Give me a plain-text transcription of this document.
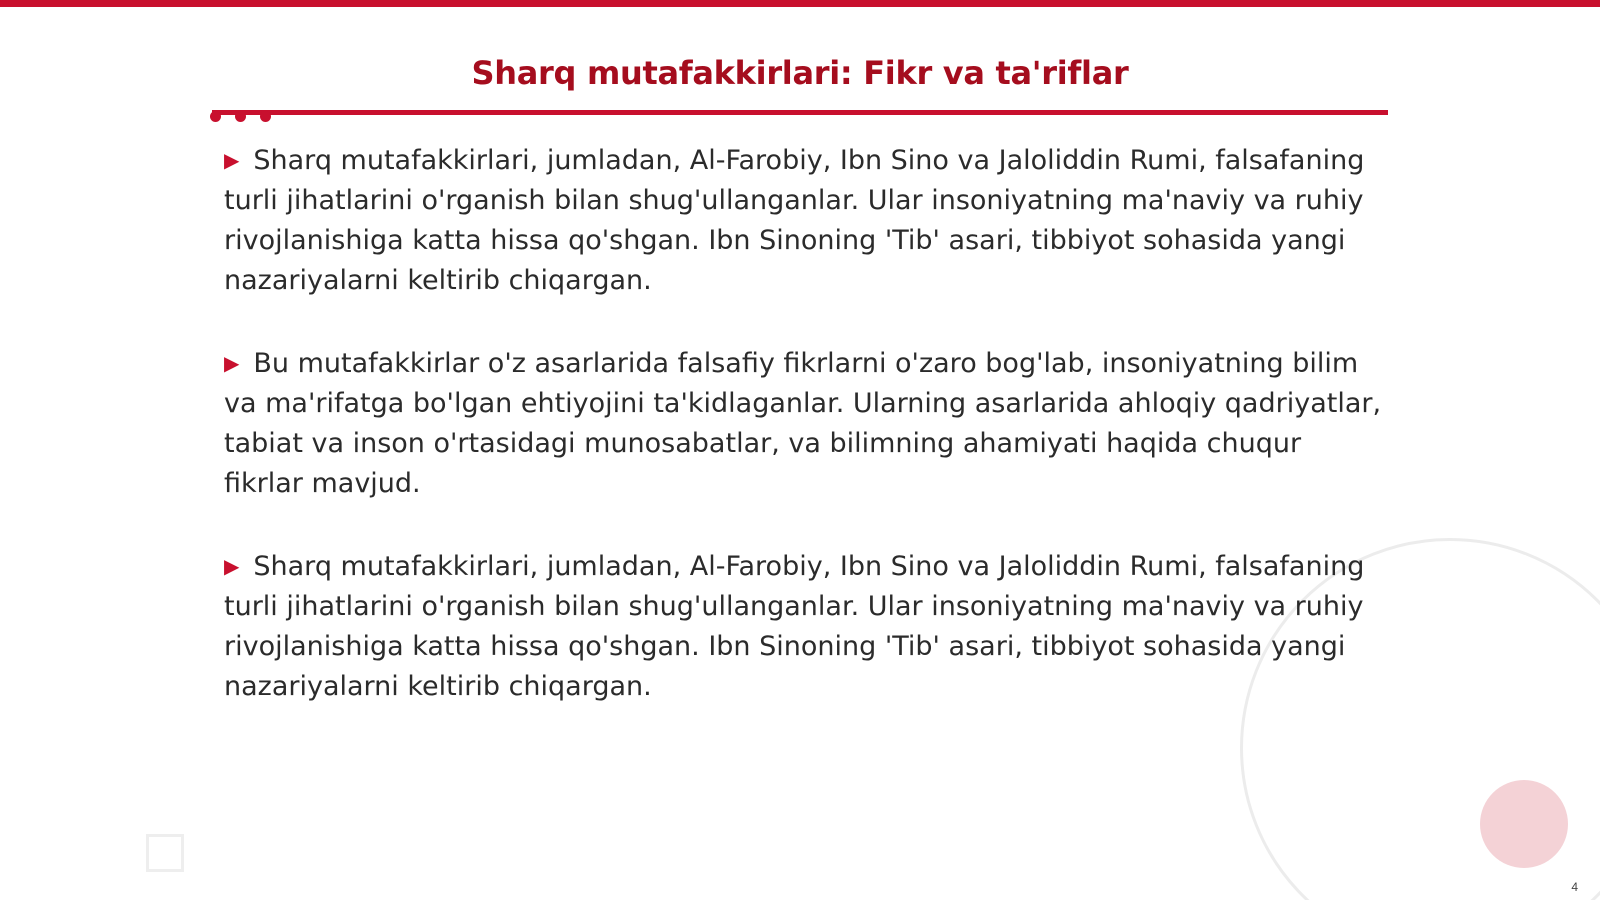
Sharq mutafakkirlari: Fikr va ta'riflar

▶ Sharq mutafakkirlari, jumladan, Al-Farobiy, Ibn Sino va Jaloliddin Rumi, falsafaning turli jihatlarini o'rganish bilan shug'ullanganlar. Ular insoniyatning ma'naviy va ruhiy rivojlanishiga katta hissa qo'shgan. Ibn Sinoning 'Tib' asari, tibbiyot sohasida yangi nazariyalarni keltirib chiqargan.

▶ Bu mutafakkirlar o'z asarlarida falsafiy fikrlarni o'zaro bog'lab, insoniyatning bilim va ma'rifatga bo'lgan ehtiyojini ta'kidlaganlar. Ularning asarlarida ahloqiy qadriyatlar, tabiat va inson o'rtasidagi munosabatlar, va bilimning ahamiyati haqida chuqur fikrlar mavjud.

▶ Sharq mutafakkirlari, jumladan, Al-Farobiy, Ibn Sino va Jaloliddin Rumi, falsafaning turli jihatlarini o'rganish bilan shug'ullanganlar. Ular insoniyatning ma'naviy va ruhiy rivojlanishiga katta hissa qo'shgan. Ibn Sinoning 'Tib' asari, tibbiyot sohasida yangi nazariyalarni keltirib chiqargan.

4
